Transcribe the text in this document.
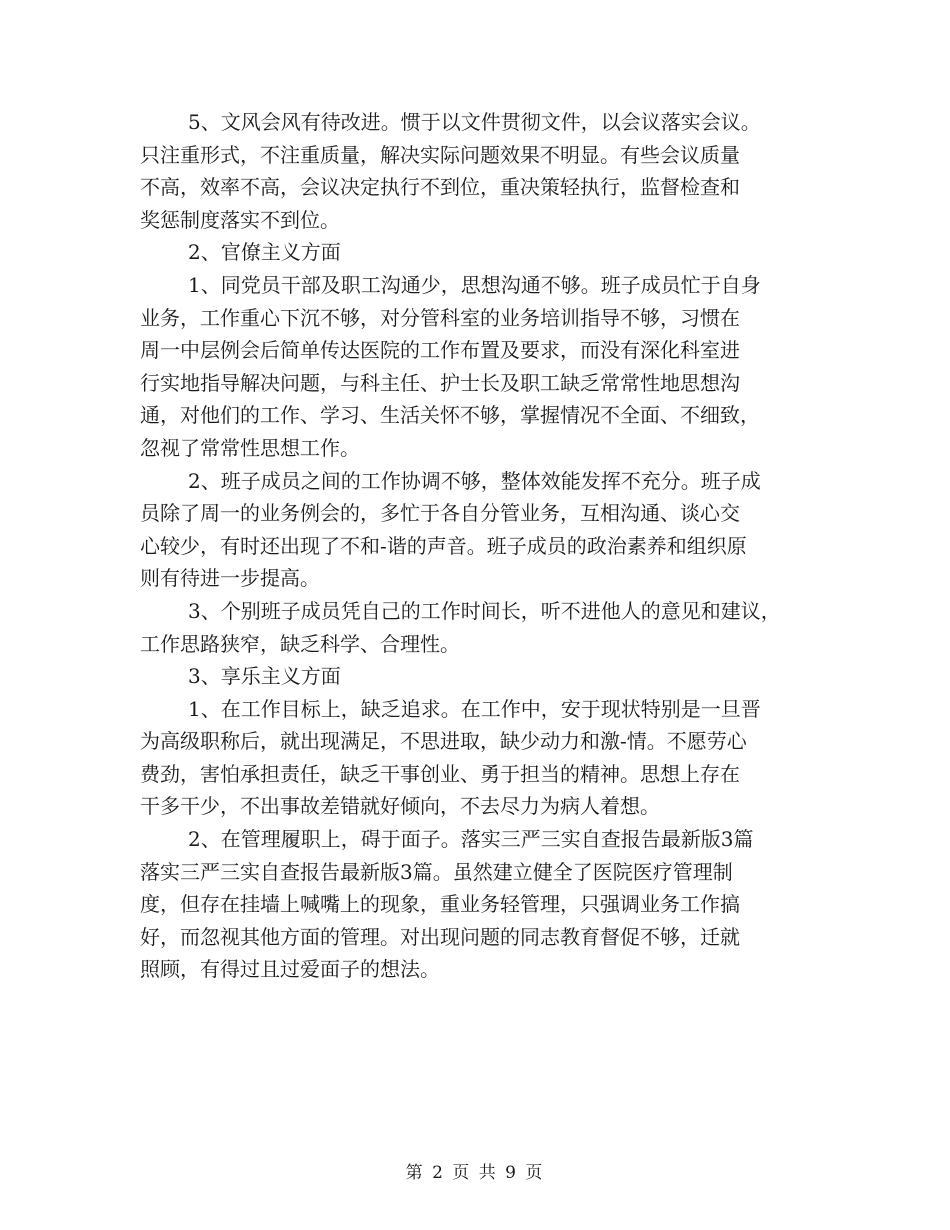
5、文风会风有待改进。惯于以文件贯彻文件，以会议落实会议。
只注重形式，不注重质量，解决实际问题效果不明显。有些会议质量
不高，效率不高，会议决定执行不到位，重决策轻执行，监督检查和
奖惩制度落实不到位。
2、官僚主义方面
1、同党员干部及职工沟通少，思想沟通不够。班子成员忙于自身
业务，工作重心下沉不够，对分管科室的业务培训指导不够，习惯在
周一中层例会后简单传达医院的工作布置及要求，而没有深化科室进
行实地指导解决问题，与科主任、护士长及职工缺乏常常性地思想沟
通，对他们的工作、学习、生活关怀不够，掌握情况不全面、不细致，
忽视了常常性思想工作。
2、班子成员之间的工作协调不够，整体效能发挥不充分。班子成
员除了周一的业务例会的，多忙于各自分管业务，互相沟通、谈心交
心较少，有时还出现了不和-谐的声音。班子成员的政治素养和组织原
则有待进一步提高。
3、个别班子成员凭自己的工作时间长，听不进他人的意见和建议，
工作思路狭窄，缺乏科学、合理性。
3、享乐主义方面
1、在工作目标上，缺乏追求。在工作中，安于现状特别是一旦晋
为高级职称后，就出现满足，不思进取，缺少动力和激-情。不愿劳心
费劲，害怕承担责任，缺乏干事创业、勇于担当的精神。思想上存在
干多干少，不出事故差错就好倾向，不去尽力为病人着想。
2、在管理履职上，碍于面子。落实三严三实自查报告最新版3篇
落实三严三实自查报告最新版3篇。虽然建立健全了医院医疗管理制
度，但存在挂墙上喊嘴上的现象，重业务轻管理，只强调业务工作搞
好，而忽视其他方面的管理。对出现问题的同志教育督促不够，迁就
照顾，有得过且过爱面子的想法。
第 2 页 共 9 页
